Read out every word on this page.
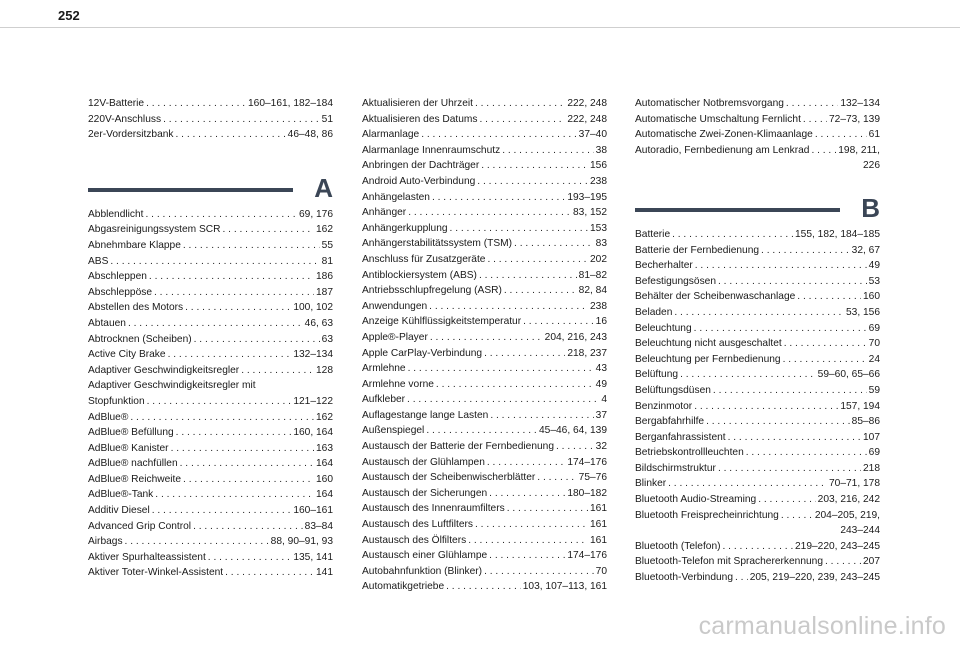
252
12V-Batterie . . .	160–161, 182–184
220V-Anschluss . . .	51
2er-Vordersitzbank . . .	46–48, 86
A
Abblendlicht . . .	69, 176
Abgasreinigungssystem SCR . . .	162
Abnehmbare Klappe . . .	55
ABS . . .	81
Abschleppen . . .	186
Abschleppöse . . .	187
Abstellen des Motors . . .	100, 102
Abtauen . . .	46, 63
Abtrocknen (Scheiben) . . .	63
Active City Brake . . .	132–134
Adaptiver Geschwindigkeitsregler . . .	128
Adaptiver Geschwindigkeitsregler mit
Stopfunktion . . .	121–122
AdBlue® . . .	162
AdBlue® Befüllung . . .	160, 164
AdBlue® Kanister . . .	163
AdBlue® nachfüllen . . .	164
AdBlue® Reichweite . . .	160
AdBlue®-Tank . . .	164
Additiv Diesel . . .	160–161
Advanced Grip Control . . .	83–84
Airbags . . .	88, 90–91, 93
Aktiver Spurhalteassistent . . .	135, 141
Aktiver Toter-Winkel-Assistent . . .	141
Aktualisieren der Uhrzeit . . .	222, 248
Aktualisieren des Datums . . .	222, 248
Alarmanlage . . .	37–40
Alarmanlage Innenraumschutz . . .	38
Anbringen der Dachträger . . .	156
Android Auto-Verbindung . . .	238
Anhängelasten . . .	193–195
Anhänger . . .	83, 152
Anhängerkupplung . . .	153
Anhängerstabilitätssystem (TSM) . . .	83
Anschluss für Zusatzgeräte . . .	202
Antiblockiersystem (ABS) . . .	81–82
Antriebsschlupfregelung (ASR) . . .	82, 84
Anwendungen . . .	238
Anzeige Kühlflüssigkeitstemperatur . . .	16
Apple®-Player . . .	204, 216, 243
Apple CarPlay-Verbindung . . .	218, 237
Armlehne . . .	43
Armlehne vorne . . .	49
Aufkleber . . .	4
Auflagestange lange Lasten . . .	37
Außenspiegel . . .	45–46, 64, 139
Austausch der Batterie der Fernbedienung . . .	32
Austausch der Glühlampen . . .	174–176
Austausch der Scheibenwischerblätter . . .	75–76
Austausch der Sicherungen . . .	180–182
Austausch des Innenraumfilters . . .	161
Austausch des Luftfilters . . .	161
Austausch des Ölfilters . . .	161
Austausch einer Glühlampe . . .	174–176
Autobahnfunktion (Blinker) . . .	70
Automatikgetriebe . . .	103, 107–113, 161
Automatischer Notbremsvorgang . . .	132–134
Automatische Umschaltung Fernlicht . . .	72–73, 139
Automatische Zwei-Zonen-Klimaanlage . . .	61
Autoradio, Fernbedienung am Lenkrad . . .	198, 211,
226
B
Batterie . . .	155, 182, 184–185
Batterie der Fernbedienung . . .	32, 67
Becherhalter . . .	49
Befestigungsösen . . .	53
Behälter der Scheibenwaschanlage . . .	160
Beladen . . .	53, 156
Beleuchtung . . .	69
Beleuchtung nicht ausgeschaltet . . .	70
Beleuchtung per Fernbedienung . . .	24
Belüftung . . .	59–60, 65–66
Belüftungsdüsen . . .	59
Benzinmotor . . .	157, 194
Bergabfahrhilfe . . .	85–86
Berganfahrassistent . . .	107
Betriebskontrollleuchten . . .	69
Bildschirmstruktur . . .	218
Blinker . . .	70–71, 178
Bluetooth Audio-Streaming . . .	203, 216, 242
Bluetooth Freisprecheinrichtung . . .	204–205, 219,
243–244
Bluetooth (Telefon) . . .	219–220, 243–245
Bluetooth-Telefon mit Sprachererkennung . . .	207
Bluetooth-Verbindung . . . 205, 219–220, 239, 243–245
carmanualsonline.info
